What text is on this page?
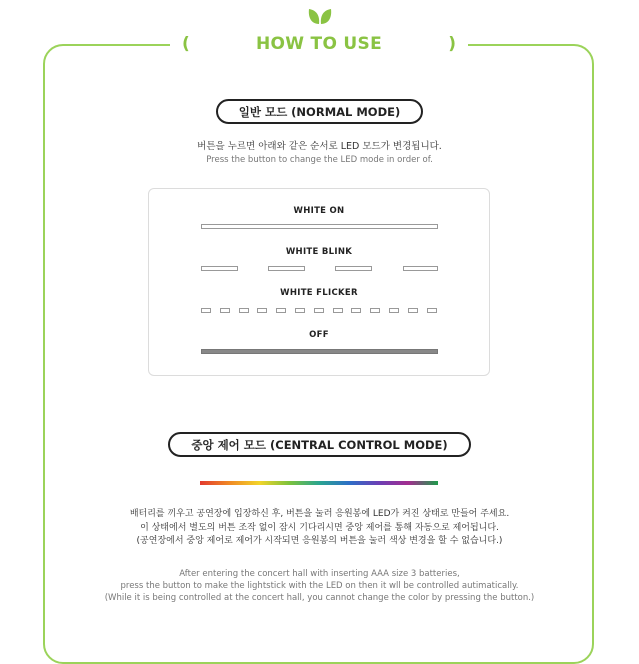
(	HOW TO USE	)
일반 모드 (NORMAL MODE)
버튼을 누르면 아래와 같은 순서로 LED 모드가 변경됩니다.
Press the button to change the LED mode in order of.
WHITE ON
WHITE BLINK
WHITE FLICKER
OFF
중앙 제어 모드 (CENTRAL CONTROL MODE)
배터리를 끼우고 공연장에 입장하신 후, 버튼을 눌러 응원봉에 LED가 켜진 상태로 만들어 주세요.
이 상태에서 별도의 버튼 조작 없이 잠시 기다리시면 중앙 제어를 통해 자동으로 제어됩니다.
(공연장에서 중앙 제어로 제어가 시작되면 응원봉의 버튼을 눌러 색상 변경을 할 수 없습니다.)
After entering the concert hall with inserting AAA size 3 batteries,
press the button to make the lightstick with the LED on then it wll be controlled autimatically.
(While it is being controlled at the concert hall, you cannot change the color by pressing the button.)
